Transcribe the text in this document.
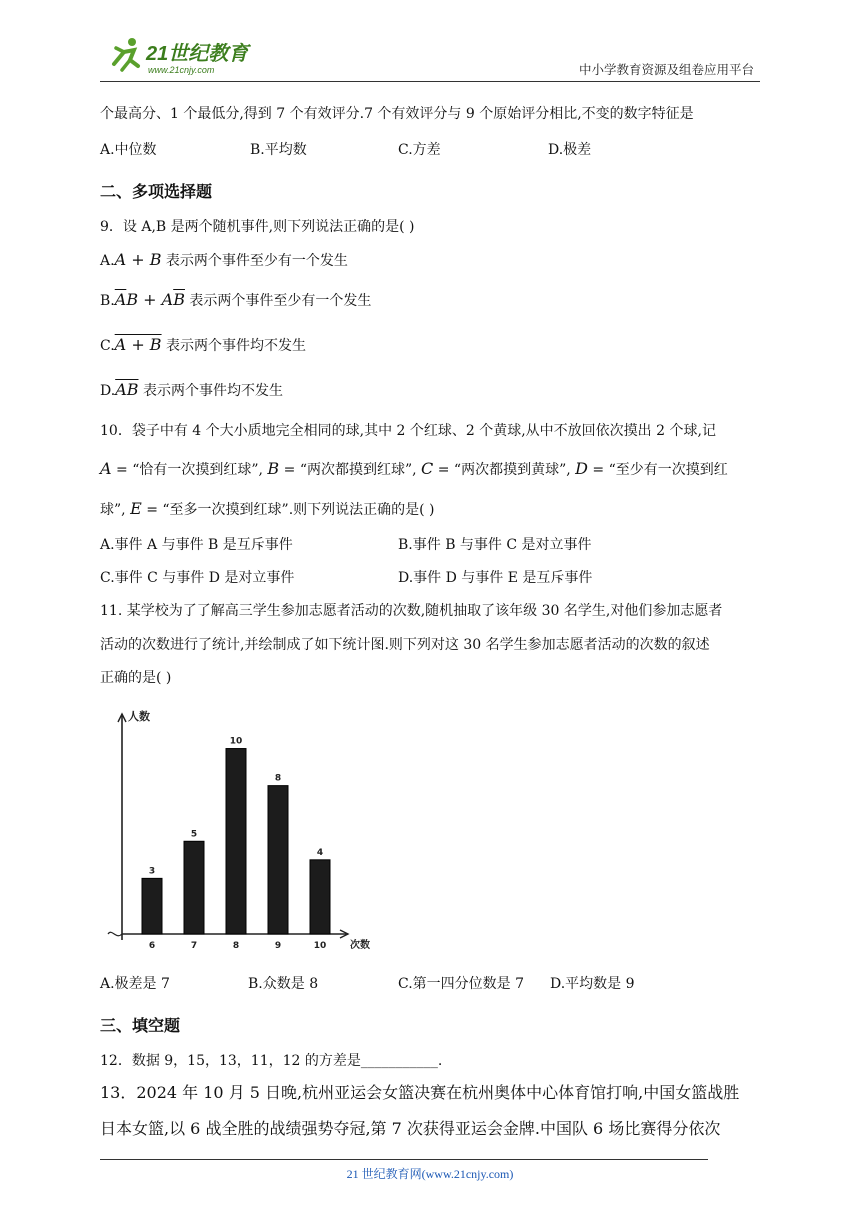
21世纪教育
www.21cnjy.com	中小学教育资源及组卷应用平台
个最高分、1 个最低分,得到 7 个有效评分.7 个有效评分与 9 个原始评分相比,不变的数字特征是
A.中位数	B.平均数	C.方差	D.极差
二、多项选择题
9．设 A,B 是两个随机事件,则下列说法正确的是( )
A.A + B 表示两个事件至少有一个发生
$B.\overline{A}B + A\overline{B}$ 表示两个事件至少有一个发生
C.A + B 表示两个事件均不发生
$D.\overline{AB}$ 表示两个事件均不发生
10．袋子中有 4 个大小质地完全相同的球,其中 2 个红球、2 个黄球,从中不放回依次摸出 2 个球,记
A = “恰有一次摸到红球”, B = “两次都摸到红球”, C = “两次都摸到黄球”, D = “至少有一次摸到红
球”, E = “至多一次摸到红球”.则下列说法正确的是( )
A.事件 A 与事件 B 是互斥事件	B.事件 B 与事件 C 是对立事件
C.事件 C 与事件 D 是对立事件	D.事件 D 与事件 E 是互斥事件
11. 某学校为了了解高三学生参加志愿者活动的次数,随机抽取了该年级 30 名学生,对他们参加志愿者
活动的次数进行了统计,并绘制成了如下统计图.则下列对这 30 名学生参加志愿者活动的次数的叙述
正确的是( )
人数
次数
3
6
5
7
10
8
8
9
4
10
A.极差是 7	B.众数是 8	C.第一四分位数是 7 D.平均数是 9
三、填空题
12．数据 9，15，13，11，12 的方差是___________.
13．2024 年 10 月 5 日晚,杭州亚运会女篮决赛在杭州奥体中心体育馆打响,中国女篮战胜
日本女篮,以 6 战全胜的战绩强势夺冠,第 7 次获得亚运会金牌.中国队 6 场比赛得分依次
21 世纪教育网(www.21cnjy.com)
